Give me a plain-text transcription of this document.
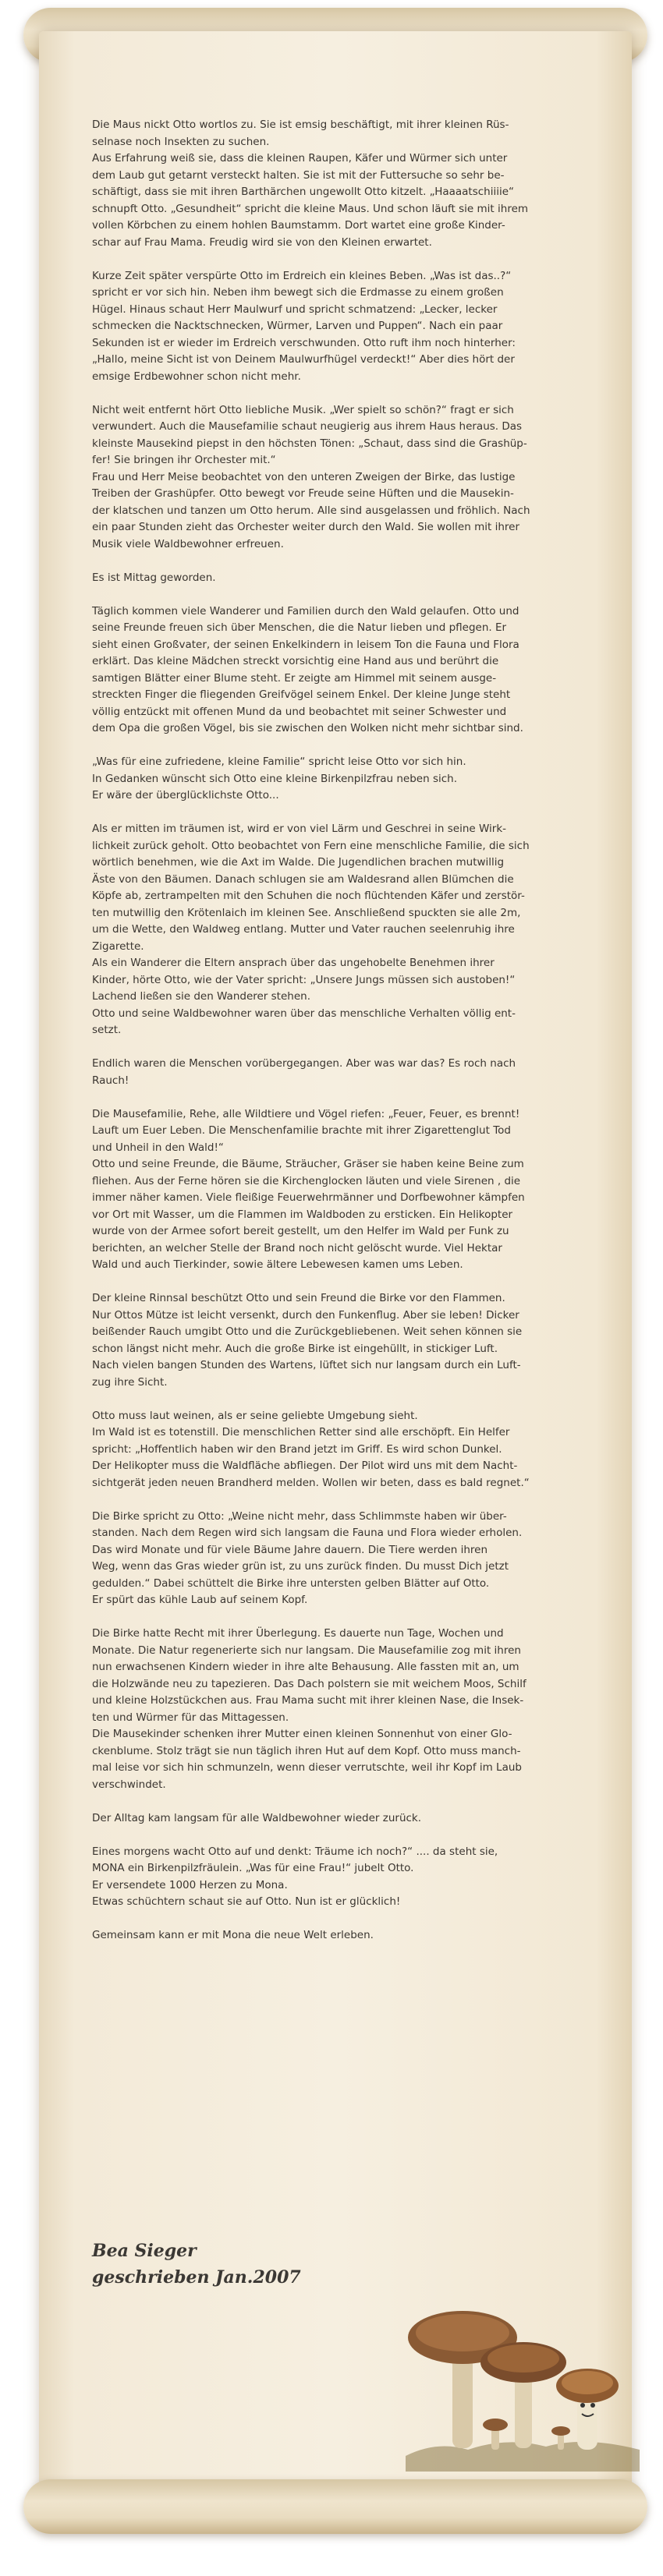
Die Maus nickt Otto wortlos zu. Sie ist emsig beschäftigt, mit ihrer kleinen Rüs-
selnase noch Insekten zu suchen.
Aus Erfahrung weiß sie, dass die kleinen Raupen, Käfer und Würmer sich unter
dem Laub gut getarnt versteckt halten. Sie ist mit der Futtersuche so sehr be-
schäftigt, dass sie mit ihren Barthärchen ungewollt Otto kitzelt. „Haaaatschiiiie“
schnupft Otto. „Gesundheit“ spricht die kleine Maus. Und schon läuft sie mit ihrem
vollen Körbchen zu einem hohlen Baumstamm. Dort wartet eine große Kinder-
schar auf Frau Mama. Freudig wird sie von den Kleinen erwartet.

Kurze Zeit später verspürte Otto im Erdreich ein kleines Beben. „Was ist das..?“
spricht er vor sich hin. Neben ihm bewegt sich die Erdmasse zu einem großen
Hügel. Hinaus schaut Herr Maulwurf und spricht schmatzend: „Lecker, lecker
schmecken die Nacktschnecken, Würmer, Larven und Puppen“. Nach ein paar
Sekunden ist er wieder im Erdreich verschwunden. Otto ruft ihm noch hinterher:
„Hallo, meine Sicht ist von Deinem Maulwurfhügel verdeckt!“ Aber dies hört der
emsige Erdbewohner schon nicht mehr.

Nicht weit entfernt hört Otto liebliche Musik. „Wer spielt so schön?“ fragt er sich
verwundert. Auch die Mausefamilie schaut neugierig aus ihrem Haus heraus. Das
kleinste Mausekind piepst in den höchsten Tönen: „Schaut, dass sind die Grashüp-
fer! Sie bringen ihr Orchester mit.“
Frau und Herr Meise beobachtet von den unteren Zweigen der Birke, das lustige
Treiben der Grashüpfer. Otto bewegt vor Freude seine Hüften und die Mausekin-
der klatschen und tanzen um Otto herum. Alle sind ausgelassen und fröhlich. Nach
ein paar Stunden zieht das Orchester weiter durch den Wald. Sie wollen mit ihrer
Musik viele Waldbewohner erfreuen.

Es ist Mittag geworden.

Täglich kommen viele Wanderer und Familien durch den Wald gelaufen. Otto und
seine Freunde freuen sich über Menschen, die die Natur lieben und pflegen. Er
sieht einen Großvater, der seinen Enkelkindern in leisem Ton die Fauna und Flora
erklärt. Das kleine Mädchen streckt vorsichtig eine Hand aus und berührt die
samtigen Blätter einer Blume steht. Er zeigte am Himmel mit seinem ausge-
streckten Finger die fliegenden Greifvögel seinem Enkel. Der kleine Junge steht
völlig entzückt mit offenen Mund da und beobachtet mit seiner Schwester und
dem Opa die großen Vögel, bis sie zwischen den Wolken nicht mehr sichtbar sind.

„Was für eine zufriedene, kleine Familie“ spricht leise Otto vor sich hin.
In Gedanken wünscht sich Otto eine kleine Birkenpilzfrau neben sich.
Er wäre der überglücklichste Otto...

Als er mitten im träumen ist, wird er von viel Lärm und Geschrei in seine Wirk-
lichkeit zurück geholt. Otto beobachtet von Fern eine menschliche Familie, die sich
wörtlich benehmen, wie die Axt im Walde. Die Jugendlichen brachen mutwillig
Äste von den Bäumen. Danach schlugen sie am Waldesrand allen Blümchen die
Köpfe ab, zertrampelten mit den Schuhen die noch flüchtenden Käfer und zerstör-
ten mutwillig den Krötenlaich im kleinen See. Anschließend spuckten sie alle 2m,
um die Wette, den Waldweg entlang. Mutter und Vater rauchen seelenruhig ihre
Zigarette.
Als ein Wanderer die Eltern ansprach über das ungehobelte Benehmen ihrer
Kinder, hörte Otto, wie der Vater spricht: „Unsere Jungs müssen sich austoben!“
Lachend ließen sie den Wanderer stehen.
Otto und seine Waldbewohner waren über das menschliche Verhalten völlig ent-
setzt.

Endlich waren die Menschen vorübergegangen. Aber was war das? Es roch nach
Rauch!

Die Mausefamilie, Rehe, alle Wildtiere und Vögel riefen: „Feuer, Feuer, es brennt!
Lauft um Euer Leben. Die Menschenfamilie brachte mit ihrer Zigarettenglut Tod
und Unheil in den Wald!“
Otto und seine Freunde, die Bäume, Sträucher, Gräser sie haben keine Beine zum
fliehen. Aus der Ferne hören sie die Kirchenglocken läuten und viele Sirenen , die
immer näher kamen. Viele fleißige Feuerwehrmänner und Dorfbewohner kämpfen
vor Ort mit Wasser, um die Flammen im Waldboden zu ersticken. Ein Helikopter
wurde von der Armee sofort bereit gestellt, um den Helfer im Wald per Funk zu
berichten, an welcher Stelle der Brand noch nicht gelöscht wurde. Viel Hektar
Wald und auch Tierkinder, sowie ältere Lebewesen kamen ums Leben.

Der kleine Rinnsal beschützt Otto und sein Freund die Birke vor den Flammen.
Nur Ottos Mütze ist leicht versenkt, durch den Funkenflug. Aber sie leben! Dicker
beißender Rauch umgibt Otto und die Zurückgebliebenen. Weit sehen können sie
schon längst nicht mehr. Auch die große Birke ist eingehüllt, in stickiger Luft.
Nach vielen bangen Stunden des Wartens, lüftet sich nur langsam durch ein Luft-
zug ihre Sicht.

Otto muss laut weinen, als er seine geliebte Umgebung sieht.
Im Wald ist es totenstill. Die menschlichen Retter sind alle erschöpft. Ein Helfer
spricht: „Hoffentlich haben wir den Brand jetzt im Griff. Es wird schon Dunkel.
Der Helikopter muss die Waldfläche abfliegen. Der Pilot wird uns mit dem Nacht-
sichtgerät jeden neuen Brandherd melden. Wollen wir beten, dass es bald regnet.“

Die Birke spricht zu Otto: „Weine nicht mehr, dass Schlimmste haben wir über-
standen. Nach dem Regen wird sich langsam die Fauna und Flora wieder erholen.
Das wird Monate und für viele Bäume Jahre dauern. Die Tiere werden ihren
Weg, wenn das Gras wieder grün ist, zu uns zurück finden. Du musst Dich jetzt
gedulden.“ Dabei schüttelt die Birke ihre untersten gelben Blätter auf Otto.
Er spürt das kühle Laub auf seinem Kopf.

Die Birke hatte Recht mit ihrer Überlegung. Es dauerte nun Tage, Wochen und
Monate. Die Natur regenerierte sich nur langsam. Die Mausefamilie zog mit ihren
nun erwachsenen Kindern wieder in ihre alte Behausung. Alle fassten mit an, um
die Holzwände neu zu tapezieren. Das Dach polstern sie mit weichem Moos, Schilf
und kleine Holzstückchen aus. Frau Mama sucht mit ihrer kleinen Nase, die Insek-
ten und Würmer für das Mittagessen.
Die Mausekinder schenken ihrer Mutter einen kleinen Sonnenhut von einer Glo-
ckenblume. Stolz trägt sie nun täglich ihren Hut auf dem Kopf. Otto muss manch-
mal leise vor sich hin schmunzeln, wenn dieser verrutschte, weil ihr Kopf im Laub
verschwindet.

Der Alltag kam langsam für alle Waldbewohner wieder zurück.

Eines morgens wacht Otto auf und denkt: Träume ich noch?“ .... da steht sie,
MONA ein Birkenpilzfräulein. „Was für eine Frau!“ jubelt Otto.
Er versendete 1000 Herzen zu Mona.
Etwas schüchtern schaut sie auf Otto. Nun ist er glücklich!

Gemeinsam kann er mit Mona die neue Welt erleben.

Bea Sieger
geschrieben Jan.2007
